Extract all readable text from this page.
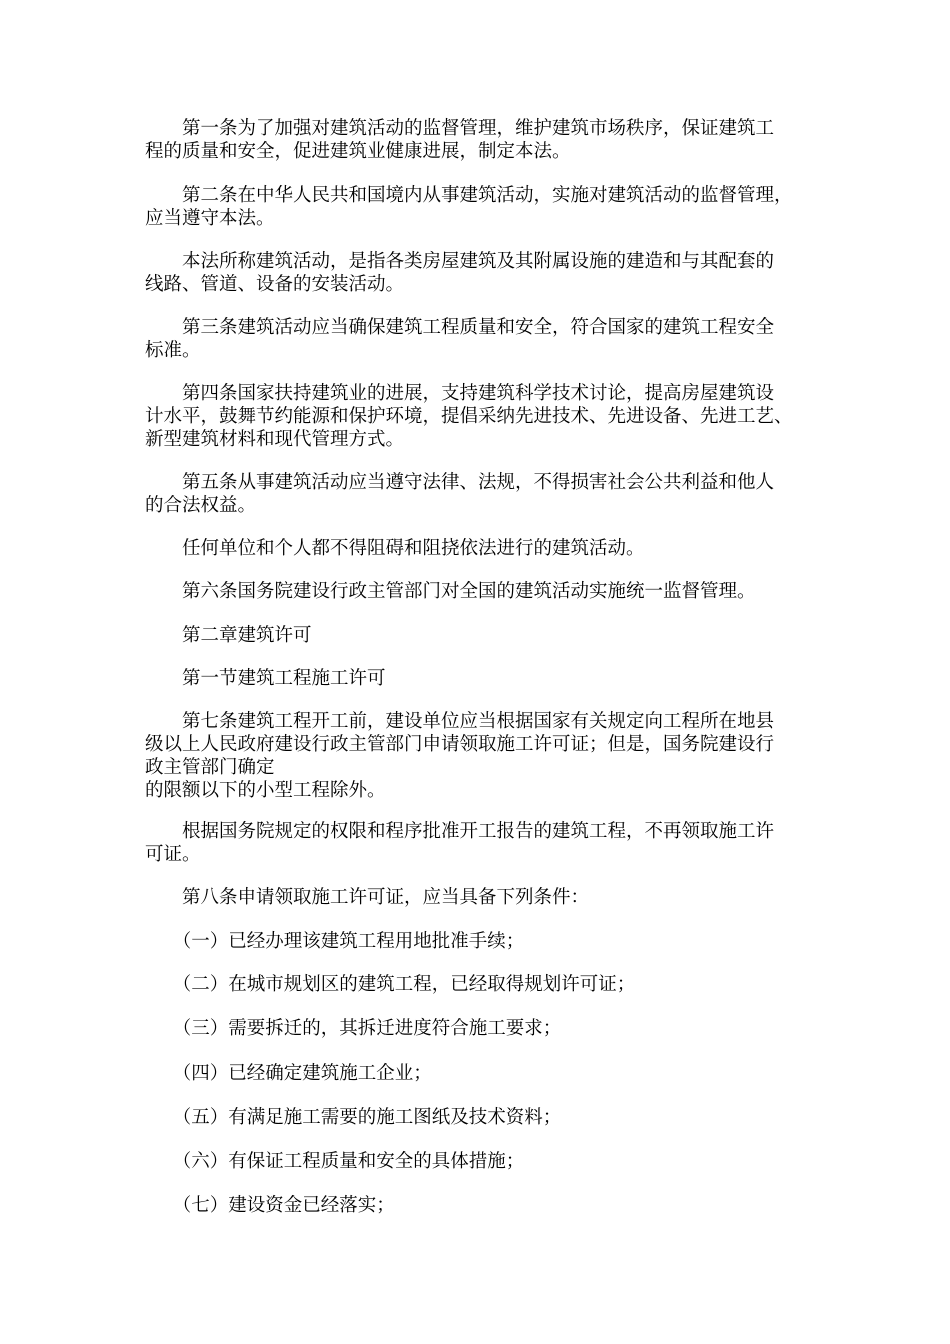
　　第一条为了加强对建筑活动的监督管理，维护建筑市场秩序，保证建筑工
程的质量和安全，促进建筑业健康进展，制定本法。

　　第二条在中华人民共和国境内从事建筑活动，实施对建筑活动的监督管理，
应当遵守本法。

　　本法所称建筑活动，是指各类房屋建筑及其附属设施的建造和与其配套的
线路、管道、设备的安装活动。

　　第三条建筑活动应当确保建筑工程质量和安全，符合国家的建筑工程安全
标准。

　　第四条国家扶持建筑业的进展，支持建筑科学技术讨论，提高房屋建筑设
计水平，鼓舞节约能源和保护环境，提倡采纳先进技术、先进设备、先进工艺、
新型建筑材料和现代管理方式。

　　第五条从事建筑活动应当遵守法律、法规，不得损害社会公共利益和他人
的合法权益。

　　任何单位和个人都不得阻碍和阻挠依法进行的建筑活动。

　　第六条国务院建设行政主管部门对全国的建筑活动实施统一监督管理。

　　第二章建筑许可

　　第一节建筑工程施工许可

　　第七条建筑工程开工前，建设单位应当根据国家有关规定向工程所在地县
级以上人民政府建设行政主管部门申请领取施工许可证；但是，国务院建设行
政主管部门确定
的限额以下的小型工程除外。

　　根据国务院规定的权限和程序批准开工报告的建筑工程，不再领取施工许
可证。

　　第八条申请领取施工许可证，应当具备下列条件：

　　（一）已经办理该建筑工程用地批准手续；

　　（二）在城市规划区的建筑工程，已经取得规划许可证；

　　（三）需要拆迁的，其拆迁进度符合施工要求；

　　（四）已经确定建筑施工企业；

　　（五）有满足施工需要的施工图纸及技术资料；

　　（六）有保证工程质量和安全的具体措施；

　　（七）建设资金已经落实；
